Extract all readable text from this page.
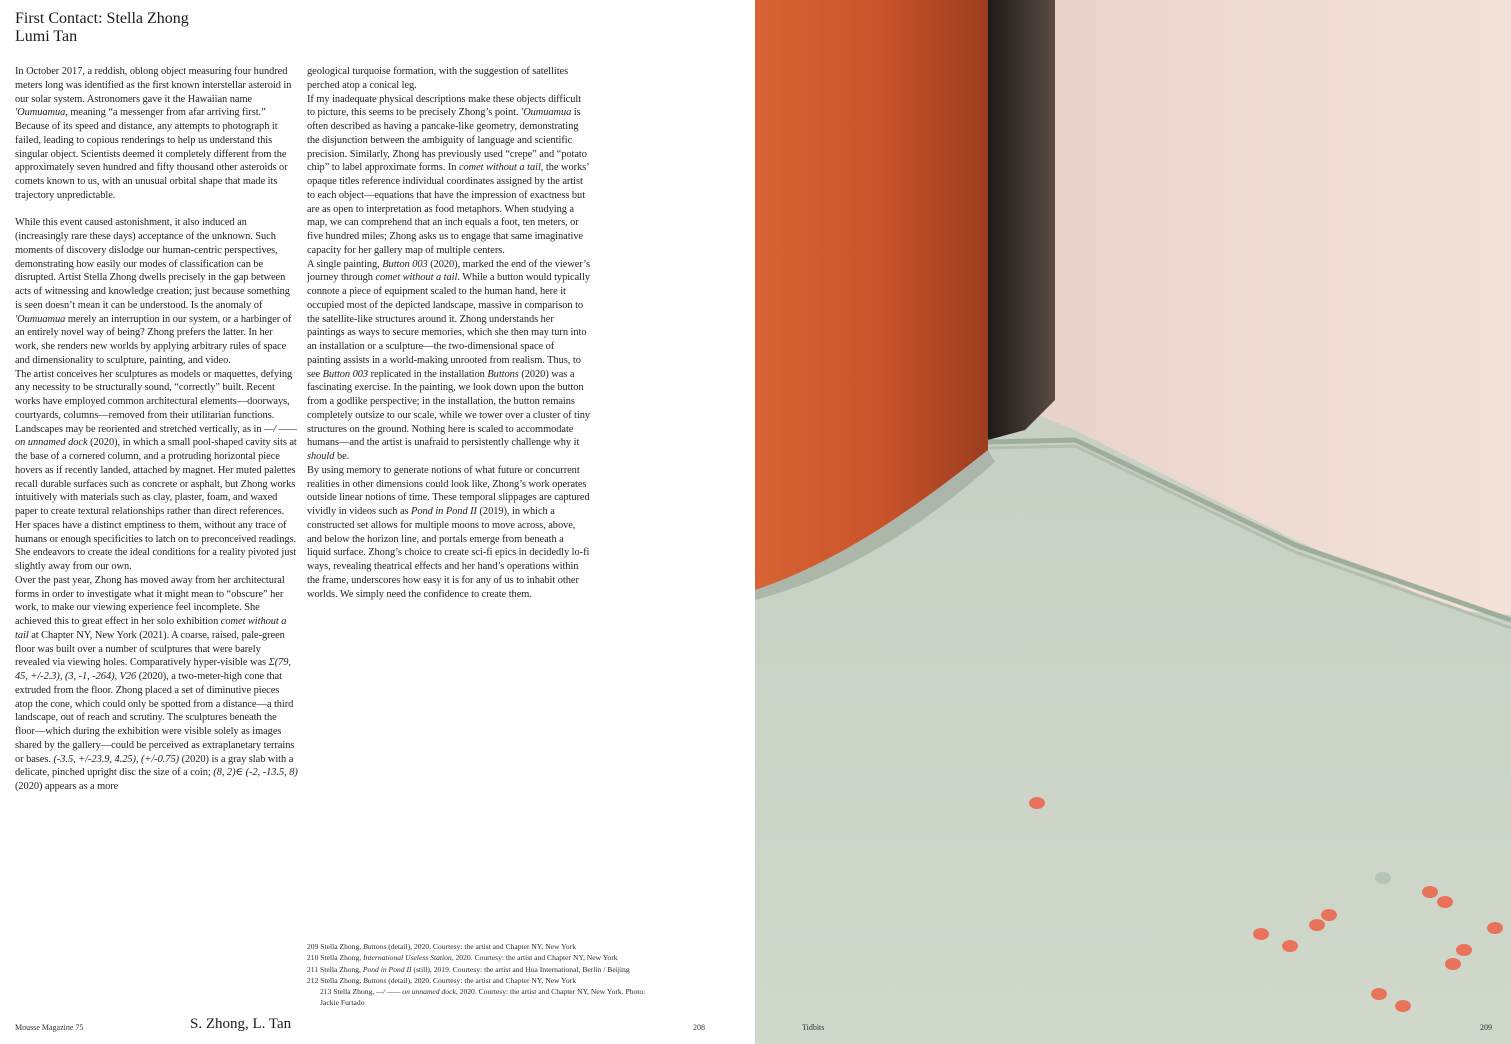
First Contact: Stella Zhong
Lumi Tan

In October 2017, a reddish, oblong object measuring four hundred meters long was identified as the first known interstellar asteroid in our solar system. Astronomers gave it the Hawaiian name 'Oumuamua, meaning “a messenger from afar arriving first.” Because of its speed and distance, any attempts to photograph it failed, leading to copious renderings to help us understand this singular object. Scientists deemed it completely different from the approximately seven hundred and fifty thousand other asteroids or comets known to us, with an unusual orbital shape that made its trajectory unpredictable.

While this event caused astonishment, it also induced an (increasingly rare these days) acceptance of the unknown. Such moments of discovery dislodge our human-centric perspectives, demonstrating how easily our modes of classification can be disrupted. Artist Stella Zhong dwells precisely in the gap between acts of witnessing and knowledge creation; just because something is seen doesn’t mean it can be understood. Is the anomaly of 'Oumuamua merely an interruption in our system, or a harbinger of an entirely novel way of being? Zhong prefers the latter. In her work, she renders new worlds by applying arbitrary rules of space and dimensionality to sculpture, painting, and video.

The artist conceives her sculptures as models or maquettes, defying any necessity to be structurally sound, “correctly” built. Recent works have employed common architectural elements—doorways, courtyards, columns—removed from their utilitarian functions. Landscapes may be reoriented and stretched vertically, as in —/ —— on unnamed dock (2020), in which a small pool-shaped cavity sits at the base of a cornered column, and a protruding horizontal piece hovers as if recently landed, attached by magnet. Her muted palettes recall durable surfaces such as concrete or asphalt, but Zhong works intuitively with materials such as clay, plaster, foam, and waxed paper to create textural relationships rather than direct references. Her spaces have a distinct emptiness to them, without any trace of humans or enough specificities to latch on to preconceived readings. She endeavors to create the ideal conditions for a reality pivoted just slightly away from our own.

Over the past year, Zhong has moved away from her architectural forms in order to investigate what it might mean to “obscure” her work, to make our viewing experience feel incomplete. She achieved this to great effect in her solo exhibition comet without a tail at Chapter NY, New York (2021). A coarse, raised, pale-green floor was built over a number of sculptures that were barely revealed via viewing holes. Comparatively hyper-visible was Σ(79, 45, +/-2.3), (3, -1, -264), V26 (2020), a two-meter-high cone that extruded from the floor. Zhong placed a set of diminutive pieces atop the cone, which could only be spotted from a distance—a third landscape, out of reach and scrutiny. The sculptures beneath the floor—which during the exhibition were visible solely as images shared by the gallery—could be perceived as extraplanetary terrains or bases. (-3.5, +/-23.9, 4.25), (+/-0.75) (2020) is a gray slab with a delicate, pinched upright disc the size of a coin; (8, 2)∈ (-2, -13.5, 8) (2020) appears as a more

geological turquoise formation, with the suggestion of satellites perched atop a conical leg.

If my inadequate physical descriptions make these objects difficult to picture, this seems to be precisely Zhong’s point. 'Oumuamua is often described as having a pancake-like geometry, demonstrating the disjunction between the ambiguity of language and scientific precision. Similarly, Zhong has previously used “crepe” and “potato chip” to label approximate forms. In comet without a tail, the works’ opaque titles reference individual coordinates assigned by the artist to each object—equations that have the impression of exactness but are as open to interpretation as food metaphors. When studying a map, we can comprehend that an inch equals a foot, ten meters, or five hundred miles; Zhong asks us to engage that same imaginative capacity for her gallery map of multiple centers.

A single painting, Button 003 (2020), marked the end of the viewer’s journey through comet without a tail. While a button would typically connote a piece of equipment scaled to the human hand, here it occupied most of the depicted landscape, massive in comparison to the satellite-like structures around it. Zhong understands her paintings as ways to secure memories, which she then may turn into an installation or a sculpture—the two-dimensional space of painting assists in a world-making unrooted from realism. Thus, to see Button 003 replicated in the installation Buttons (2020) was a fascinating exercise. In the painting, we look down upon the button from a godlike perspective; in the installation, the button remains completely outsize to our scale, while we tower over a cluster of tiny structures on the ground. Nothing here is scaled to accommodate humans—and the artist is unafraid to persistently challenge why it should be.

By using memory to generate notions of what future or concurrent realities in other dimensions could look like, Zhong’s work operates outside linear notions of time. These temporal slippages are captured vividly in videos such as Pond in Pond II (2019), in which a constructed set allows for multiple moons to move across, above, and below the horizon line, and portals emerge from beneath a liquid surface. Zhong’s choice to create sci-fi epics in decidedly lo-fi ways, revealing theatrical effects and her hand’s operations within the frame, underscores how easy it is for any of us to inhabit other worlds. We simply need the confidence to create them.

209 Stella Zhong, Buttons (detail), 2020. Courtesy: the artist and Chapter NY, New York
210 Stella Zhong, International Useless Station, 2020. Courtesy: the artist and Chapter NY, New York
211 Stella Zhong, Pond in Pond II (still), 2019. Courtesy: the artist and Hua International, Berlin / Beijing
212 Stella Zhong, Buttons (detail), 2020. Courtesy: the artist and Chapter NY, New York
213 Stella Zhong, —/ —— on unnamed dock, 2020. Courtesy: the artist and Chapter NY, New York. Photo: Jackie Furtado
Mousse Magazine 75	S. Zhong, L. Tan	208	Tidbits	209
